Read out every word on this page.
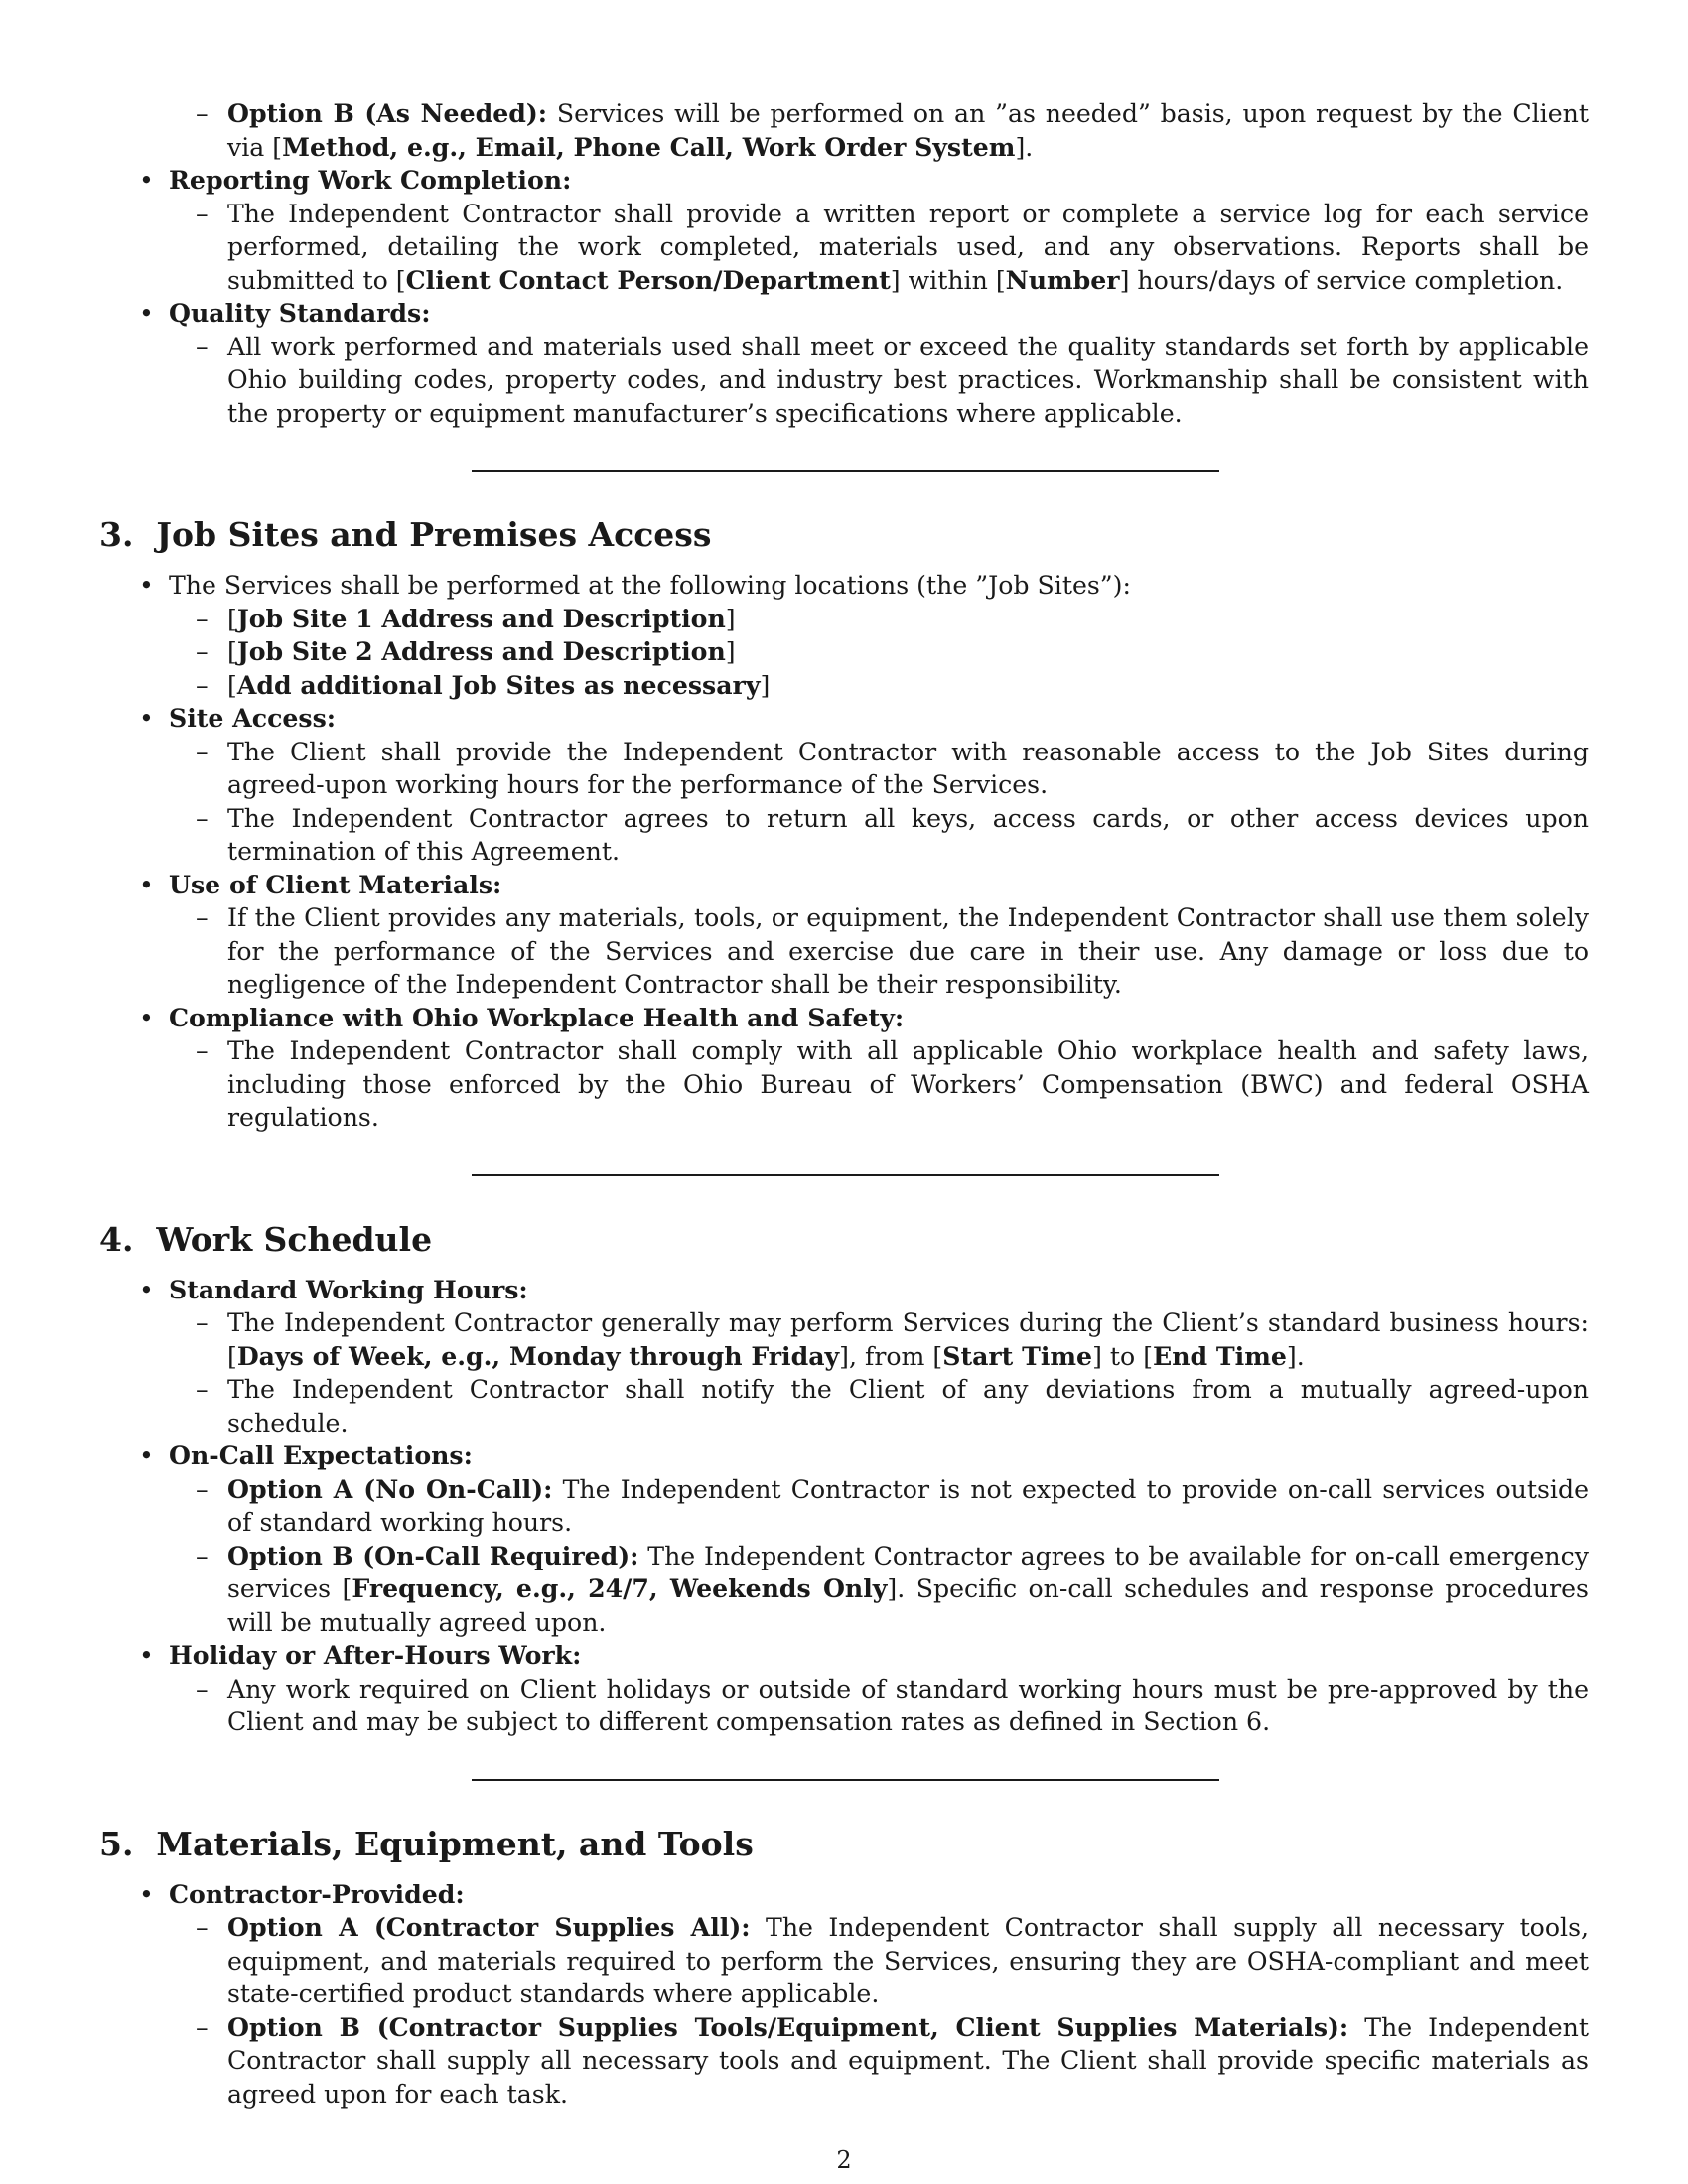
– Option B (As Needed): Services will be performed on an ”as needed” basis, upon request by the Client via [Method, e.g., Email, Phone Call, Work Order System].
• Reporting Work Completion:
– The Independent Contractor shall provide a written report or complete a service log for each service performed, detailing the work completed, materials used, and any observations. Reports shall be submitted to [Client Contact Person/Department] within [Number] hours/days of service completion.
• Quality Standards:
– All work performed and materials used shall meet or exceed the quality standards set forth by applicable Ohio building codes, property codes, and industry best practices. Workmanship shall be consistent with the property or equipment manufacturer’s specifications where applicable.
3.  Job Sites and Premises Access
• The Services shall be performed at the following locations (the ”Job Sites”):
– [Job Site 1 Address and Description]
– [Job Site 2 Address and Description]
– [Add additional Job Sites as necessary]
• Site Access:
– The Client shall provide the Independent Contractor with reasonable access to the Job Sites during agreed-upon working hours for the performance of the Services.
– The Independent Contractor agrees to return all keys, access cards, or other access devices upon termination of this Agreement.
• Use of Client Materials:
– If the Client provides any materials, tools, or equipment, the Independent Contractor shall use them solely for the performance of the Services and exercise due care in their use. Any damage or loss due to negligence of the Independent Contractor shall be their responsibility.
• Compliance with Ohio Workplace Health and Safety:
– The Independent Contractor shall comply with all applicable Ohio workplace health and safety laws, including those enforced by the Ohio Bureau of Workers’ Compensation (BWC) and federal OSHA regulations.
4.  Work Schedule
• Standard Working Hours:
– The Independent Contractor generally may perform Services during the Client’s standard business hours: [Days of Week, e.g., Monday through Friday], from [Start Time] to [End Time].
– The Independent Contractor shall notify the Client of any deviations from a mutually agreed-upon schedule.
• On-Call Expectations:
– Option A (No On-Call): The Independent Contractor is not expected to provide on-call services outside of standard working hours.
– Option B (On-Call Required): The Independent Contractor agrees to be available for on-call emergency services [Frequency, e.g., 24/7, Weekends Only]. Specific on-call schedules and response procedures will be mutually agreed upon.
• Holiday or After-Hours Work:
– Any work required on Client holidays or outside of standard working hours must be pre-approved by the Client and may be subject to different compensation rates as defined in Section 6.
5.  Materials, Equipment, and Tools
• Contractor-Provided:
– Option A (Contractor Supplies All): The Independent Contractor shall supply all necessary tools, equipment, and materials required to perform the Services, ensuring they are OSHA-compliant and meet state-certified product standards where applicable.
– Option B (Contractor Supplies Tools/Equipment, Client Supplies Materials): The Independent Contractor shall supply all necessary tools and equipment. The Client shall provide specific materials as agreed upon for each task.
2
